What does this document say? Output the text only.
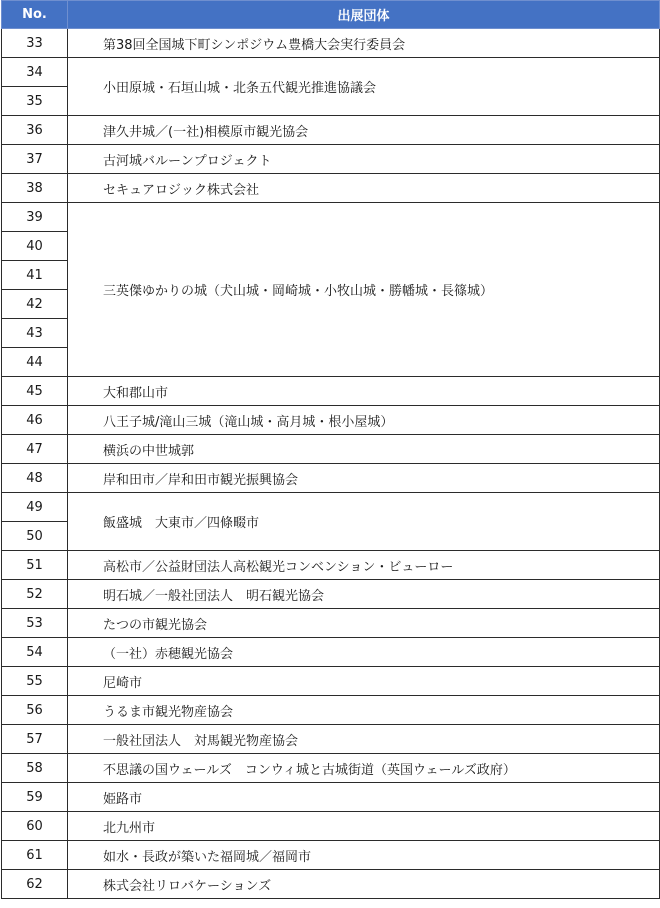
No.	出展団体
33	第38回全国城下町シンポジウム豊橋大会実行委員会
34	小田原城・石垣山城・北条五代観光推進協議会
35	
36	津久井城／(一社)相模原市観光協会
37	古河城バルーンプロジェクト
38	セキュアロジック株式会社
39	三英傑ゆかりの城（犬山城・岡崎城・小牧山城・勝幡城・長篠城）
40	
41	
42	
43	
44	
45	大和郡山市
46	八王子城/滝山三城（滝山城・高月城・根小屋城）
47	横浜の中世城郭
48	岸和田市／岸和田市観光振興協会
49	飯盛城　大東市／四條畷市
50	
51	高松市／公益財団法人高松観光コンベンション・ビューロー
52	明石城／一般社団法人　明石観光協会
53	たつの市観光協会
54	（一社）赤穂観光協会
55	尼崎市
56	うるま市観光物産協会
57	一般社団法人　対馬観光物産協会
58	不思議の国ウェールズ　コンウィ城と古城街道（英国ウェールズ政府）
59	姫路市
60	北九州市
61	如水・長政が築いた福岡城／福岡市
62	株式会社リロバケーションズ
